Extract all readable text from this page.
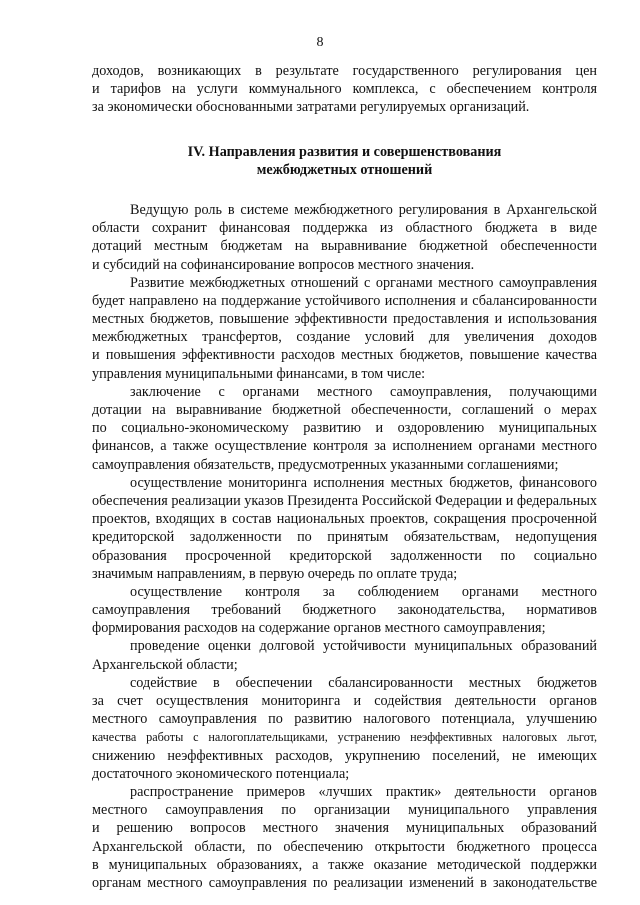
8
доходов, возникающих в результате государственного регулирования цен
и тарифов на услуги коммунального комплекса, с обеспечением контроля
за экономически обоснованными затратами регулируемых организаций.
IV. Направления развития и совершенствования
межбюджетных отношений
Ведущую роль в системе межбюджетного регулирования в Архангельской
области сохранит финансовая поддержка из областного бюджета в виде
дотаций местным бюджетам на выравнивание бюджетной обеспеченности
и субсидий на софинансирование вопросов местного значения.
Развитие межбюджетных отношений с органами местного самоуправления
будет направлено на поддержание устойчивого исполнения и сбалансированности
местных бюджетов, повышение эффективности предоставления и использования
межбюджетных трансфертов, создание условий для увеличения доходов
и повышения эффективности расходов местных бюджетов, повышение качества
управления муниципальными финансами, в том числе:
заключение с органами местного самоуправления, получающими
дотации на выравнивание бюджетной обеспеченности, соглашений о мерах
по социально-экономическому развитию и оздоровлению муниципальных
финансов, а также осуществление контроля за исполнением органами местного
самоуправления обязательств, предусмотренных указанными соглашениями;
осуществление мониторинга исполнения местных бюджетов, финансового
обеспечения реализации указов Президента Российской Федерации и федеральных
проектов, входящих в состав национальных проектов, сокращения просроченной
кредиторской задолженности по принятым обязательствам, недопущения
образования просроченной кредиторской задолженности по социально
значимым направлениям, в первую очередь по оплате труда;
осуществление контроля за соблюдением органами местного
самоуправления требований бюджетного законодательства, нормативов
формирования расходов на содержание органов местного самоуправления;
проведение оценки долговой устойчивости муниципальных образований
Архангельской области;
содействие в обеспечении сбалансированности местных бюджетов
за счет осуществления мониторинга и содействия деятельности органов
местного самоуправления по развитию налогового потенциала, улучшению
качества работы с налогоплательщиками, устранению неэффективных налоговых льгот,
снижению неэффективных расходов, укрупнению поселений, не имеющих
достаточного экономического потенциала;
распространение примеров «лучших практик» деятельности органов
местного самоуправления по организации муниципального управления
и решению вопросов местного значения муниципальных образований
Архангельской области, по обеспечению открытости бюджетного процесса
в муниципальных образованиях, а также оказание методической поддержки
органам местного самоуправления по реализации изменений в законодательстве
